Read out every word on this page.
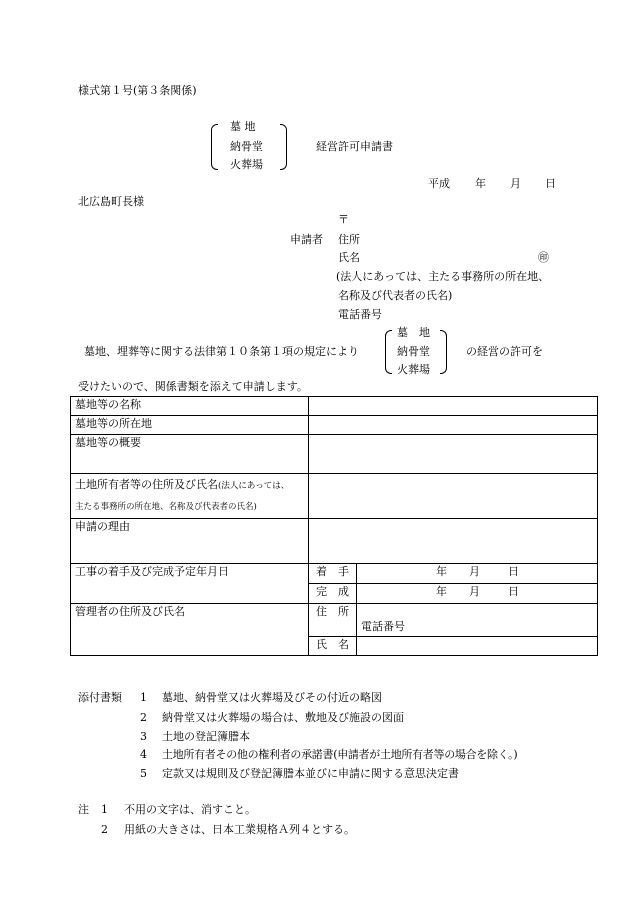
様式第１号(第３条関係)
墓 地
納骨堂
火葬場
経営許可申請書
平成 年 月 日
北広島町長様
〒
申請者 住所
氏名	㊞
(法人にあっては、主たる事務所の所在地、
名称及び代表者の氏名)
電話番号
墓地、埋葬等に関する法律第１０条第１項の規定により
墓　地
納骨堂
火葬場
の経営の許可を
受けたいので、関係書類を添えて申請します。
墓地等の名称		
墓地等の所在地		
墓地等の概要		
土地所有者等の住所及び氏名(法人にあっては、
主たる事務所の所在地、名称及び代表者の氏名)		
申請の理由		
工事の着手及び完成予定年月日	着　手	年 月 日

	完　成	年 月 日

管理者の住所及び氏名	住　所	電話番号

	氏　名	
添付書類 1 墓地、納骨堂又は火葬場及びその付近の略図
2 納骨堂又は火葬場の場合は、敷地及び施設の図面
3 土地の登記簿謄本
4 土地所有者その他の権利者の承諾書(申請者が土地所有者等の場合を除く。)
5 定款又は規則及び登記簿謄本並びに申請に関する意思決定書
注 1 不用の文字は、消すこと。
2 用紙の大きさは、日本工業規格Ａ列４とする。
